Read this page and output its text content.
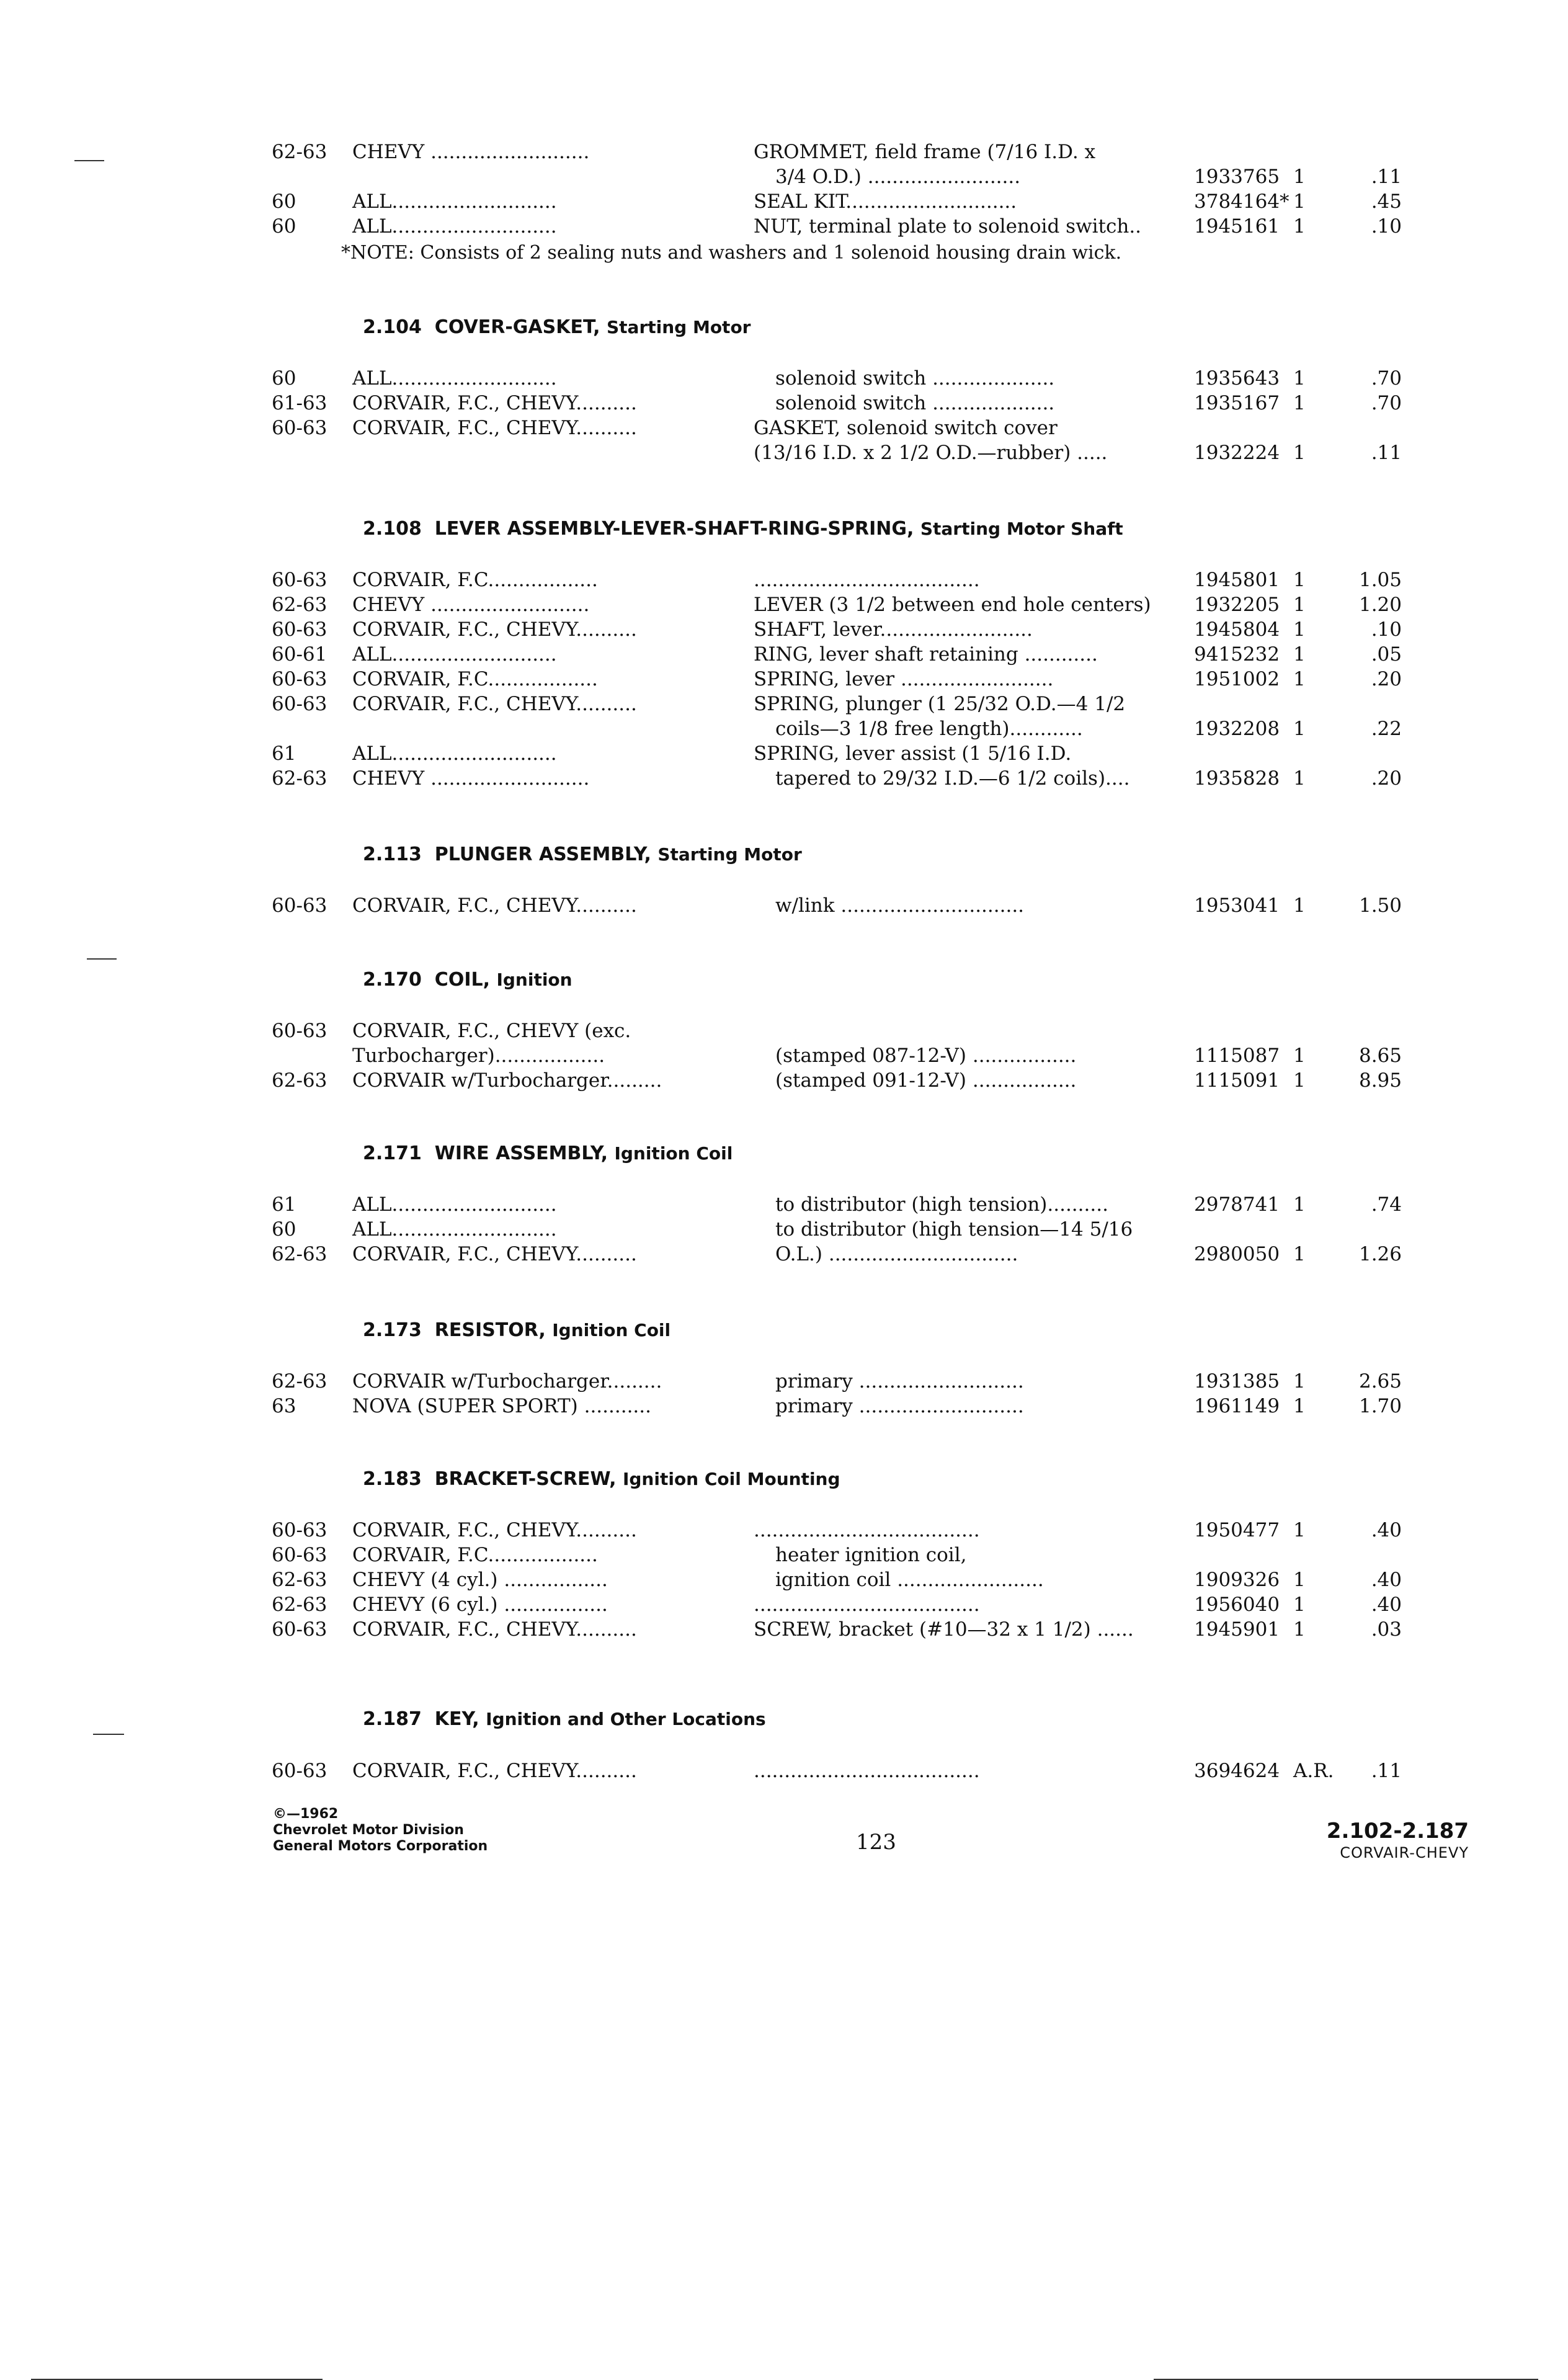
62-63	CHEVY ..........................	GROMMET, field frame (7/16 I.D. x
3/4 O.D.) .........................	1933765 1	.11
60	ALL...........................	SEAL KIT............................	3784164* 1	.45
60	ALL...........................	NUT, terminal plate to solenoid switch..	1945161 1	.10
*NOTE: Consists of 2 sealing nuts and washers and 1 solenoid housing drain wick.
2.104 COVER-GASKET, Starting Motor
60	ALL...........................	solenoid switch ....................	1935643 1	.70
61-63	CORVAIR, F.C., CHEVY..........	solenoid switch ....................	1935167 1	.70
60-63	CORVAIR, F.C., CHEVY..........	GASKET, solenoid switch cover
(13/16 I.D. x 2 1/2 O.D.—rubber) .....	1932224 1	.11
2.108 LEVER ASSEMBLY-LEVER-SHAFT-RING-SPRING, Starting Motor Shaft
60-63	CORVAIR, F.C..................	.....................................	1945801 1	1.05
62-63	CHEVY ..........................	LEVER (3 1/2 between end hole centers)	1932205 1	1.20
60-63	CORVAIR, F.C., CHEVY..........	SHAFT, lever.........................	1945804 1	.10
60-61	ALL...........................	RING, lever shaft retaining ............	9415232 1	.05
60-63	CORVAIR, F.C..................	SPRING, lever .........................	1951002 1	.20
60-63	CORVAIR, F.C., CHEVY..........	SPRING, plunger (1 25/32 O.D.—4 1/2
coils—3 1/8 free length)............	1932208 1	.22
61	ALL...........................	SPRING, lever assist (1 5/16 I.D.
62-63	CHEVY ..........................	tapered to 29/32 I.D.—6 1/2 coils)....	1935828 1	.20
2.113 PLUNGER ASSEMBLY, Starting Motor
60-63	CORVAIR, F.C., CHEVY..........	w/link ..............................	1953041 1	1.50
2.170 COIL, Ignition
60-63	CORVAIR, F.C., CHEVY (exc.
Turbocharger)..................	(stamped 087-12-V) .................	1115087 1	8.65
62-63	CORVAIR w/Turbocharger.........	(stamped 091-12-V) .................	1115091 1	8.95
2.171 WIRE ASSEMBLY, Ignition Coil
61	ALL...........................	to distributor (high tension)..........	2978741 1	.74
60	ALL...........................	to distributor (high tension—14 5/16
62-63	CORVAIR, F.C., CHEVY..........	O.L.) ...............................	2980050 1	1.26
2.173 RESISTOR, Ignition Coil
62-63	CORVAIR w/Turbocharger.........	primary ...........................	1931385 1	2.65
63	NOVA (SUPER SPORT) ...........	primary ...........................	1961149 1	1.70
2.183 BRACKET-SCREW, Ignition Coil Mounting
60-63	CORVAIR, F.C., CHEVY..........	.....................................	1950477 1	.40
60-63	CORVAIR, F.C..................	heater ignition coil,
62-63	CHEVY (4 cyl.) .................	ignition coil ........................	1909326 1	.40
62-63	CHEVY (6 cyl.) .................	.....................................	1956040 1	.40
60-63	CORVAIR, F.C., CHEVY..........	SCREW, bracket (#10—32 x 1 1/2) ......	1945901 1	.03
2.187 KEY, Ignition and Other Locations
60-63	CORVAIR, F.C., CHEVY..........	.....................................	3694624 A.R.	.11
©—1962
Chevrolet Motor Division
General Motors Corporation	123	2.102-2.187
CORVAIR-CHEVY
